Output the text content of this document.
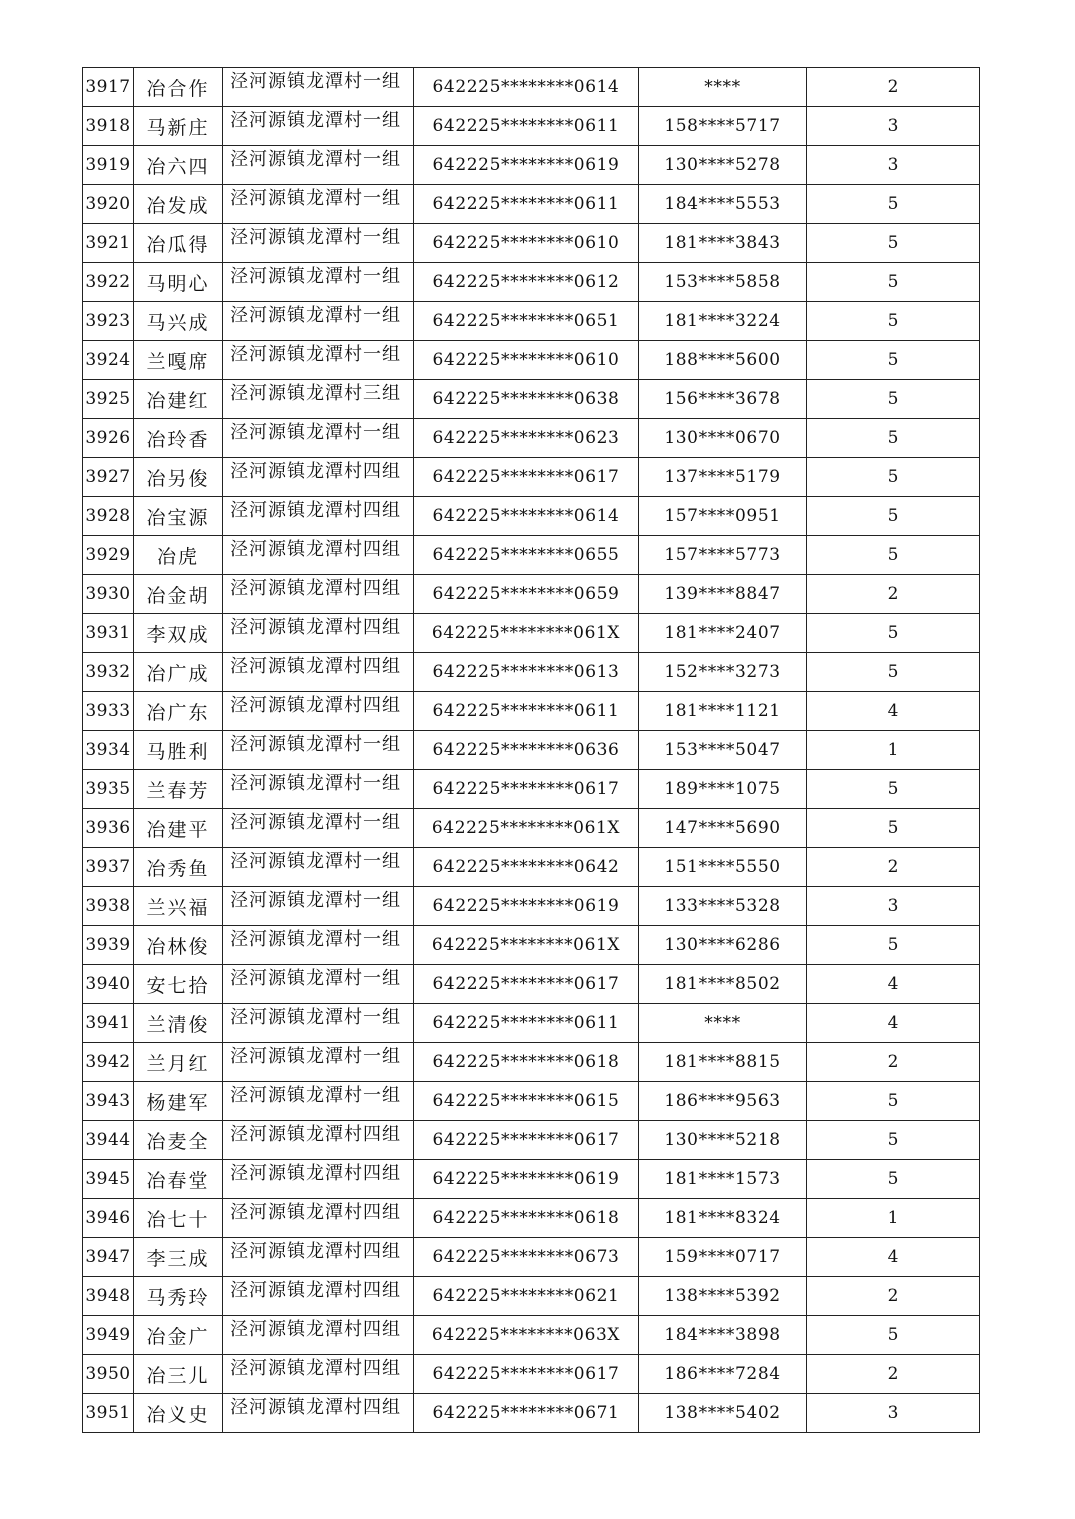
3917	冶合作	泾河源镇龙潭村一组	642225********0614	****	2
3918	马新庄	泾河源镇龙潭村一组	642225********0611	158****5717	3
3919	冶六四	泾河源镇龙潭村一组	642225********0619	130****5278	3
3920	冶发成	泾河源镇龙潭村一组	642225********0611	184****5553	5
3921	冶瓜得	泾河源镇龙潭村一组	642225********0610	181****3843	5
3922	马明心	泾河源镇龙潭村一组	642225********0612	153****5858	5
3923	马兴成	泾河源镇龙潭村一组	642225********0651	181****3224	5
3924	兰嘎席	泾河源镇龙潭村一组	642225********0610	188****5600	5
3925	冶建红	泾河源镇龙潭村三组	642225********0638	156****3678	5
3926	冶玲香	泾河源镇龙潭村一组	642225********0623	130****0670	5
3927	冶另俊	泾河源镇龙潭村四组	642225********0617	137****5179	5
3928	冶宝源	泾河源镇龙潭村四组	642225********0614	157****0951	5
3929	冶虎	泾河源镇龙潭村四组	642225********0655	157****5773	5
3930	冶金胡	泾河源镇龙潭村四组	642225********0659	139****8847	2
3931	李双成	泾河源镇龙潭村四组	642225********061X	181****2407	5
3932	冶广成	泾河源镇龙潭村四组	642225********0613	152****3273	5
3933	冶广东	泾河源镇龙潭村四组	642225********0611	181****1121	4
3934	马胜利	泾河源镇龙潭村一组	642225********0636	153****5047	1
3935	兰春芳	泾河源镇龙潭村一组	642225********0617	189****1075	5
3936	冶建平	泾河源镇龙潭村一组	642225********061X	147****5690	5
3937	冶秀鱼	泾河源镇龙潭村一组	642225********0642	151****5550	2
3938	兰兴福	泾河源镇龙潭村一组	642225********0619	133****5328	3
3939	冶林俊	泾河源镇龙潭村一组	642225********061X	130****6286	5
3940	安七拾	泾河源镇龙潭村一组	642225********0617	181****8502	4
3941	兰清俊	泾河源镇龙潭村一组	642225********0611	****	4
3942	兰月红	泾河源镇龙潭村一组	642225********0618	181****8815	2
3943	杨建军	泾河源镇龙潭村一组	642225********0615	186****9563	5
3944	冶麦全	泾河源镇龙潭村四组	642225********0617	130****5218	5
3945	冶春堂	泾河源镇龙潭村四组	642225********0619	181****1573	5
3946	冶七十	泾河源镇龙潭村四组	642225********0618	181****8324	1
3947	李三成	泾河源镇龙潭村四组	642225********0673	159****0717	4
3948	马秀玲	泾河源镇龙潭村四组	642225********0621	138****5392	2
3949	冶金广	泾河源镇龙潭村四组	642225********063X	184****3898	5
3950	冶三儿	泾河源镇龙潭村四组	642225********0617	186****7284	2
3951	冶义史	泾河源镇龙潭村四组	642225********0671	138****5402	3
